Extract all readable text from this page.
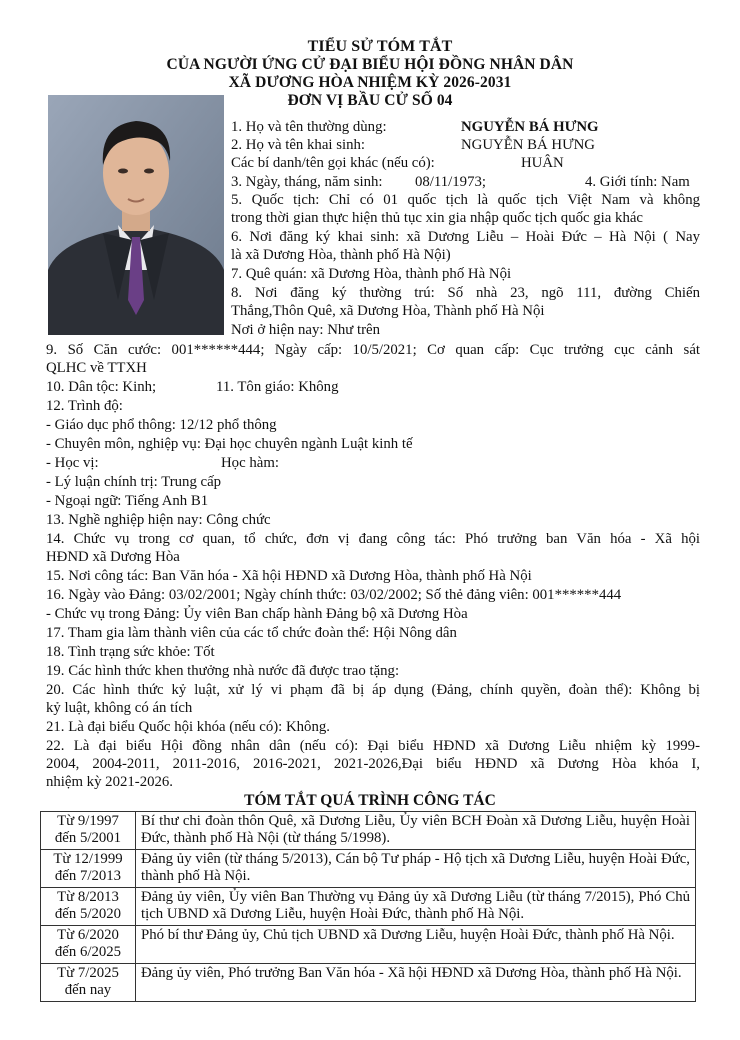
TIỂU SỬ TÓM TẮT
CỦA NGƯỜI ỨNG CỬ ĐẠI BIỂU HỘI ĐỒNG NHÂN DÂN
XÃ DƯƠNG HÒA NHIỆM KỲ 2026-2031
ĐƠN VỊ BẦU CỬ SỐ 04
1. Họ và tên thường dùng:	NGUYỄN BÁ HƯNG
2. Họ và tên khai sinh:	NGUYỄN BÁ HƯNG
Các bí danh/tên gọi khác (nếu có):	HUÂN
3. Ngày, tháng, năm sinh: 08/11/1973;	4. Giới tính: Nam
5. Quốc tịch: Chỉ có 01 quốc tịch là quốc tịch Việt Nam và không
trong thời gian thực hiện thủ tục xin gia nhập quốc tịch quốc gia khác
6. Nơi đăng ký khai sinh: xã Dương Liễu – Hoài Đức – Hà Nội ( Nay
là xã Dương Hòa, thành phố Hà Nội)
7. Quê quán: xã Dương Hòa, thành phố Hà Nội
8. Nơi đăng ký thường trú: Số nhà 23, ngõ 111, đường Chiến
Thắng,Thôn Quê, xã Dương Hòa, Thành phố Hà Nội
Nơi ở hiện nay: Như trên
9. Số Căn cước: 001******444; Ngày cấp: 10/5/2021; Cơ quan cấp: Cục trưởng cục cảnh sát
QLHC về TTXH
10. Dân tộc: Kinh;	11. Tôn giáo: Không
12. Trình độ:
- Giáo dục phổ thông: 12/12 phổ thông
- Chuyên môn, nghiệp vụ: Đại học chuyên ngành Luật kinh tế
- Học vị:	Học hàm:
- Lý luận chính trị: Trung cấp
- Ngoại ngữ: Tiếng Anh B1
13. Nghề nghiệp hiện nay: Công chức
14. Chức vụ trong cơ quan, tổ chức, đơn vị đang công tác: Phó trưởng ban Văn hóa - Xã hội
HĐND xã Dương Hòa
15. Nơi công tác: Ban Văn hóa - Xã hội HĐND xã Dương Hòa, thành phố Hà Nội
16. Ngày vào Đảng: 03/02/2001; Ngày chính thức: 03/02/2002; Số thẻ đảng viên: 001******444
- Chức vụ trong Đảng: Ủy viên Ban chấp hành Đảng bộ xã Dương Hòa
17. Tham gia làm thành viên của các tổ chức đoàn thể: Hội Nông dân
18. Tình trạng sức khỏe: Tốt
19. Các hình thức khen thưởng nhà nước đã được trao tặng:
20. Các hình thức kỷ luật, xử lý vi phạm đã bị áp dụng (Đảng, chính quyền, đoàn thể): Không bị
kỷ luật, không có án tích
21. Là đại biểu Quốc hội khóa (nếu có): Không.
22. Là đại biểu Hội đồng nhân dân (nếu có): Đại biểu HĐND xã Dương Liễu nhiệm kỳ 1999-
2004, 2004-2011, 2011-2016, 2016-2021, 2021-2026,Đại biểu HĐND xã Dương Hòa khóa I,
nhiệm kỳ 2021-2026.
TÓM TẮT QUÁ TRÌNH CÔNG TÁC
Từ 9/1997
đến 5/2001	Bí thư chi đoàn thôn Quê, xã Dương Liễu, Ủy viên BCH Đoàn xã Dương Liễu, huyện Hoài Đức, thành phố Hà Nội (từ tháng 5/1998).
Từ 12/1999
đến 7/2013	Đảng ủy viên (từ tháng 5/2013), Cán bộ Tư pháp - Hộ tịch xã Dương Liễu, huyện Hoài Đức, thành phố Hà Nội.
Từ 8/2013
đến 5/2020	Đảng ủy viên, Ủy viên Ban Thường vụ Đảng ủy xã Dương Liễu (từ tháng 7/2015), Phó Chủ tịch UBND xã Dương Liễu, huyện Hoài Đức, thành phố Hà Nội.
Từ 6/2020
đến 6/2025	Phó bí thư Đảng ủy, Chủ tịch UBND xã Dương Liễu, huyện Hoài Đức, thành phố Hà Nội.
Từ 7/2025
đến nay	Đảng ủy viên, Phó trưởng Ban Văn hóa - Xã hội HĐND xã Dương Hòa, thành phố Hà Nội.
